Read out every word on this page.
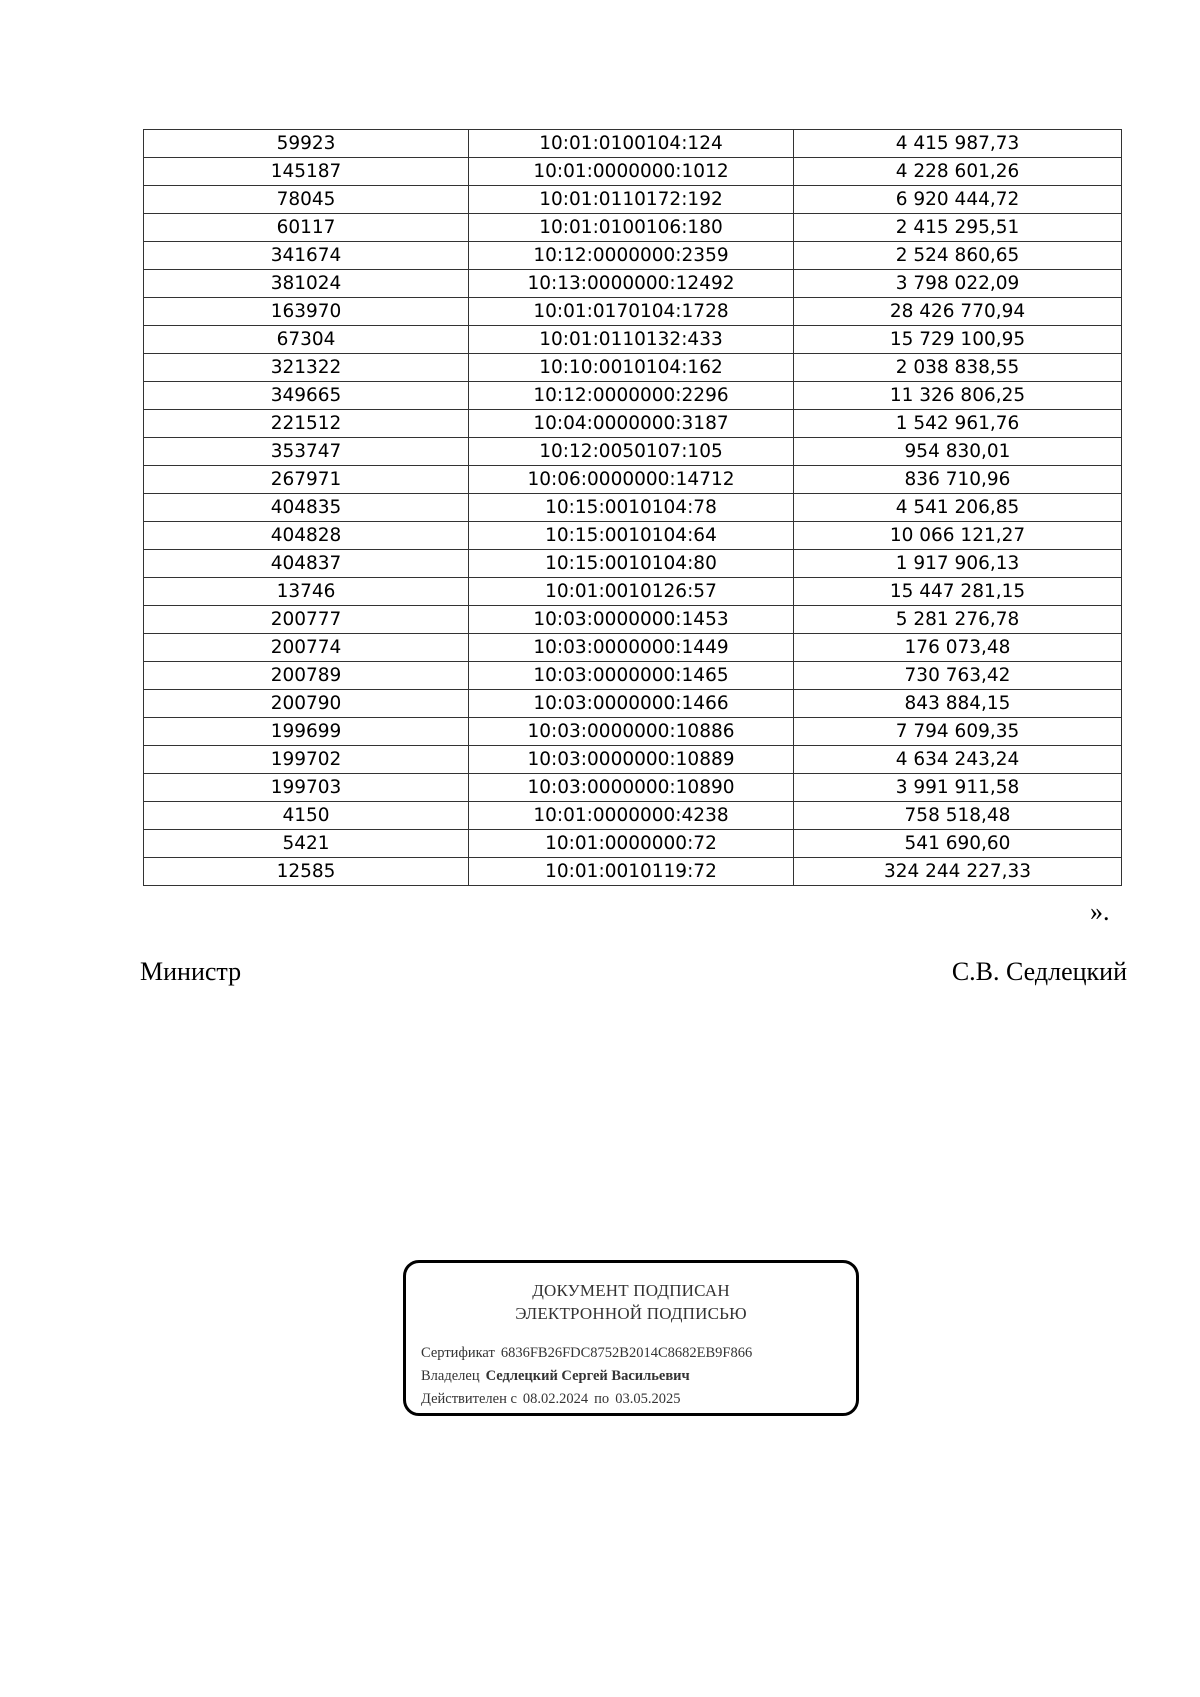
59923	10:01:0100104:124	4 415 987,73
145187	10:01:0000000:1012	4 228 601,26
78045	10:01:0110172:192	6 920 444,72
60117	10:01:0100106:180	2 415 295,51
341674	10:12:0000000:2359	2 524 860,65
381024	10:13:0000000:12492	3 798 022,09
163970	10:01:0170104:1728	28 426 770,94
67304	10:01:0110132:433	15 729 100,95
321322	10:10:0010104:162	2 038 838,55
349665	10:12:0000000:2296	11 326 806,25
221512	10:04:0000000:3187	1 542 961,76
353747	10:12:0050107:105	954 830,01
267971	10:06:0000000:14712	836 710,96
404835	10:15:0010104:78	4 541 206,85
404828	10:15:0010104:64	10 066 121,27
404837	10:15:0010104:80	1 917 906,13
13746	10:01:0010126:57	15 447 281,15
200777	10:03:0000000:1453	5 281 276,78
200774	10:03:0000000:1449	176 073,48
200789	10:03:0000000:1465	730 763,42
200790	10:03:0000000:1466	843 884,15
199699	10:03:0000000:10886	7 794 609,35
199702	10:03:0000000:10889	4 634 243,24
199703	10:03:0000000:10890	3 991 911,58
4150	10:01:0000000:4238	758 518,48
5421	10:01:0000000:72	541 690,60
12585	10:01:0010119:72	324 244 227,33
».
Министр	С.В. Седлецкий
ДОКУМЕНТ ПОДПИСАН
ЭЛЕКТРОННОЙ ПОДПИСЬЮ
Сертификат 6836FB26FDC8752B2014C8682EB9F866
Владелец Седлецкий Сергей Васильевич
Действителен с 08.02.2024 по 03.05.2025
